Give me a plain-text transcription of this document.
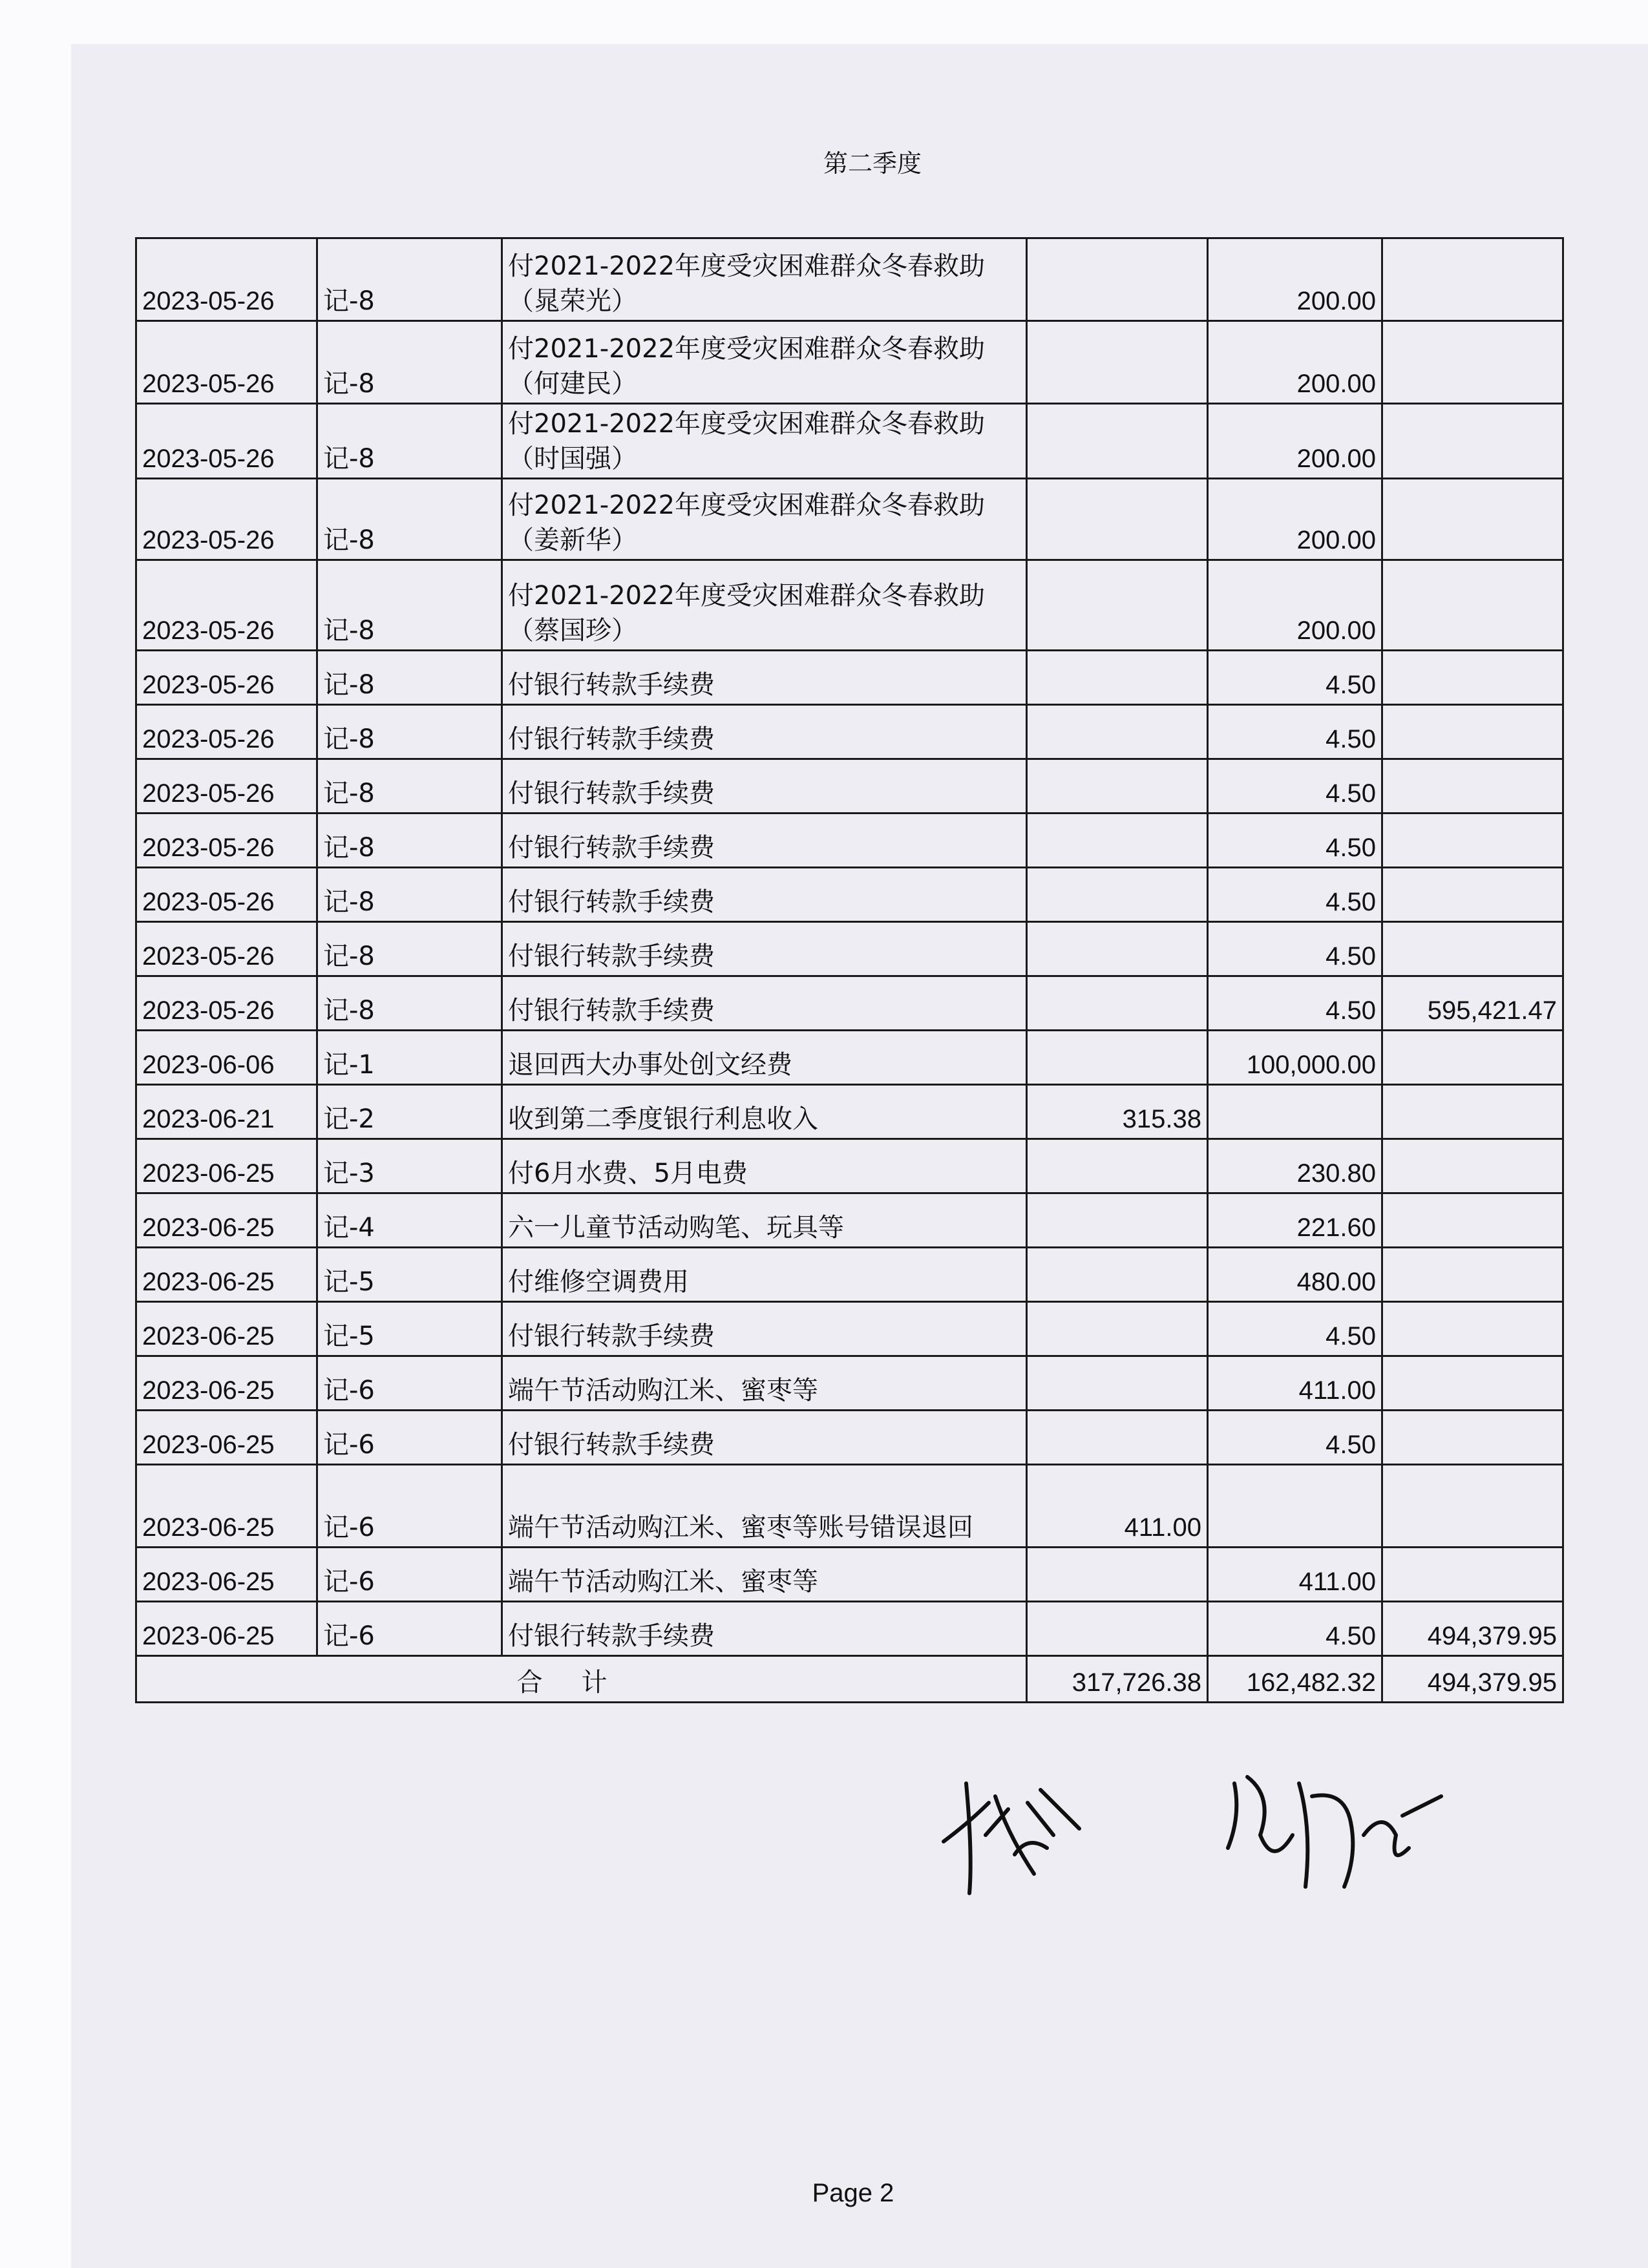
第二季度
2023-05-26	记-8	付2021-2022年度受灾困难群众冬春救助（晁荣光）		200.00	
2023-05-26	记-8	付2021-2022年度受灾困难群众冬春救助（何建民）		200.00	
2023-05-26	记-8	付2021-2022年度受灾困难群众冬春救助（时国强）		200.00	
2023-05-26	记-8	付2021-2022年度受灾困难群众冬春救助（姜新华）		200.00	
2023-05-26	记-8	付2021-2022年度受灾困难群众冬春救助（蔡国珍）		200.00	
2023-05-26	记-8	付银行转款手续费		4.50	
2023-05-26	记-8	付银行转款手续费		4.50	
2023-05-26	记-8	付银行转款手续费		4.50	
2023-05-26	记-8	付银行转款手续费		4.50	
2023-05-26	记-8	付银行转款手续费		4.50	
2023-05-26	记-8	付银行转款手续费		4.50	
2023-05-26	记-8	付银行转款手续费		4.50	595,421.47
2023-06-06	记-1	退回西大办事处创文经费		100,000.00	
2023-06-21	记-2	收到第二季度银行利息收入	315.38		
2023-06-25	记-3	付6月水费、5月电费		230.80	
2023-06-25	记-4	六一儿童节活动购笔、玩具等		221.60	
2023-06-25	记-5	付维修空调费用		480.00	
2023-06-25	记-5	付银行转款手续费		4.50	
2023-06-25	记-6	端午节活动购江米、蜜枣等		411.00	
2023-06-25	记-6	付银行转款手续费		4.50	
2023-06-25	记-6	端午节活动购江米、蜜枣等账号错误退回	411.00		
2023-06-25	记-6	端午节活动购江米、蜜枣等		411.00	
2023-06-25	记-6	付银行转款手续费		4.50	494,379.95
合计			317,726.38	162,482.32	494,379.95
Page 2
